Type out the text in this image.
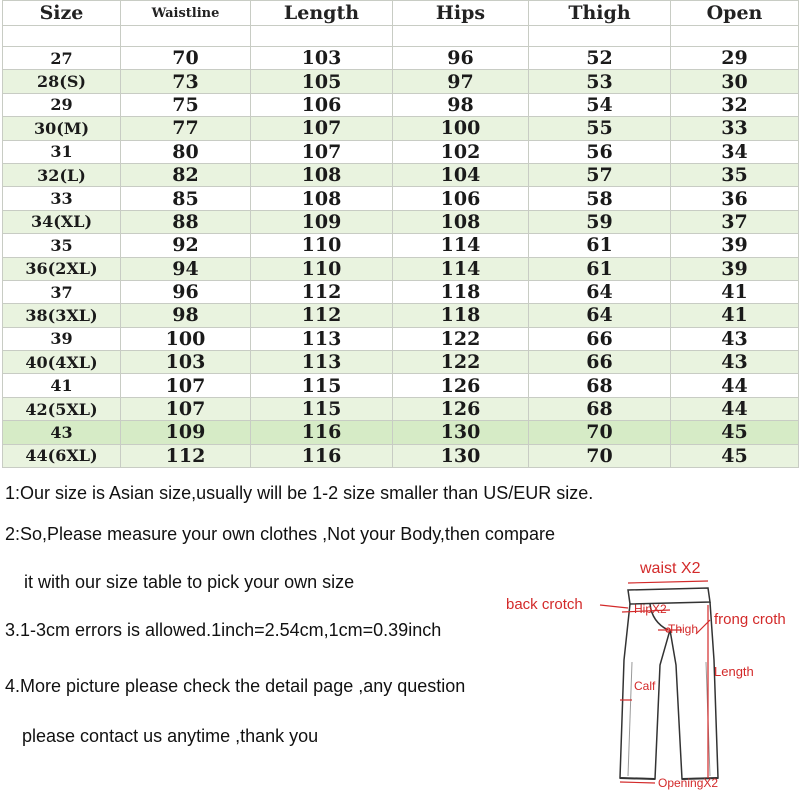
Size	Waistline	Length	Hips	Thigh	Open

27	70	103	96	52	29
28(S)	73	105	97	53	30
29	75	106	98	54	32
30(M)	77	107	100	55	33
31	80	107	102	56	34
32(L)	82	108	104	57	35
33	85	108	106	58	36
34(XL)	88	109	108	59	37
35	92	110	114	61	39
36(2XL)	94	110	114	61	39
37	96	112	118	64	41
38(3XL)	98	112	118	64	41
39	100	113	122	66	43
40(4XL)	103	113	122	66	43
41	107	115	126	68	44
42(5XL)	107	115	126	68	44
43	109	116	130	70	45
44(6XL)	112	116	130	70	45
1:Our size is Asian size,usually will be 1-2 size smaller than US/EUR size.
2:So,Please measure your own clothes ,Not your Body,then compare
it with our size table to pick your own size
3.1-3cm errors is allowed.1inch=2.54cm,1cm=0.39inch
4.More picture please check the detail page ,any question
please contact us anytime ,thank you
waist X2
back crotch	HipX2
Thigh
frong croth
Length
Calf
OpeningX2
